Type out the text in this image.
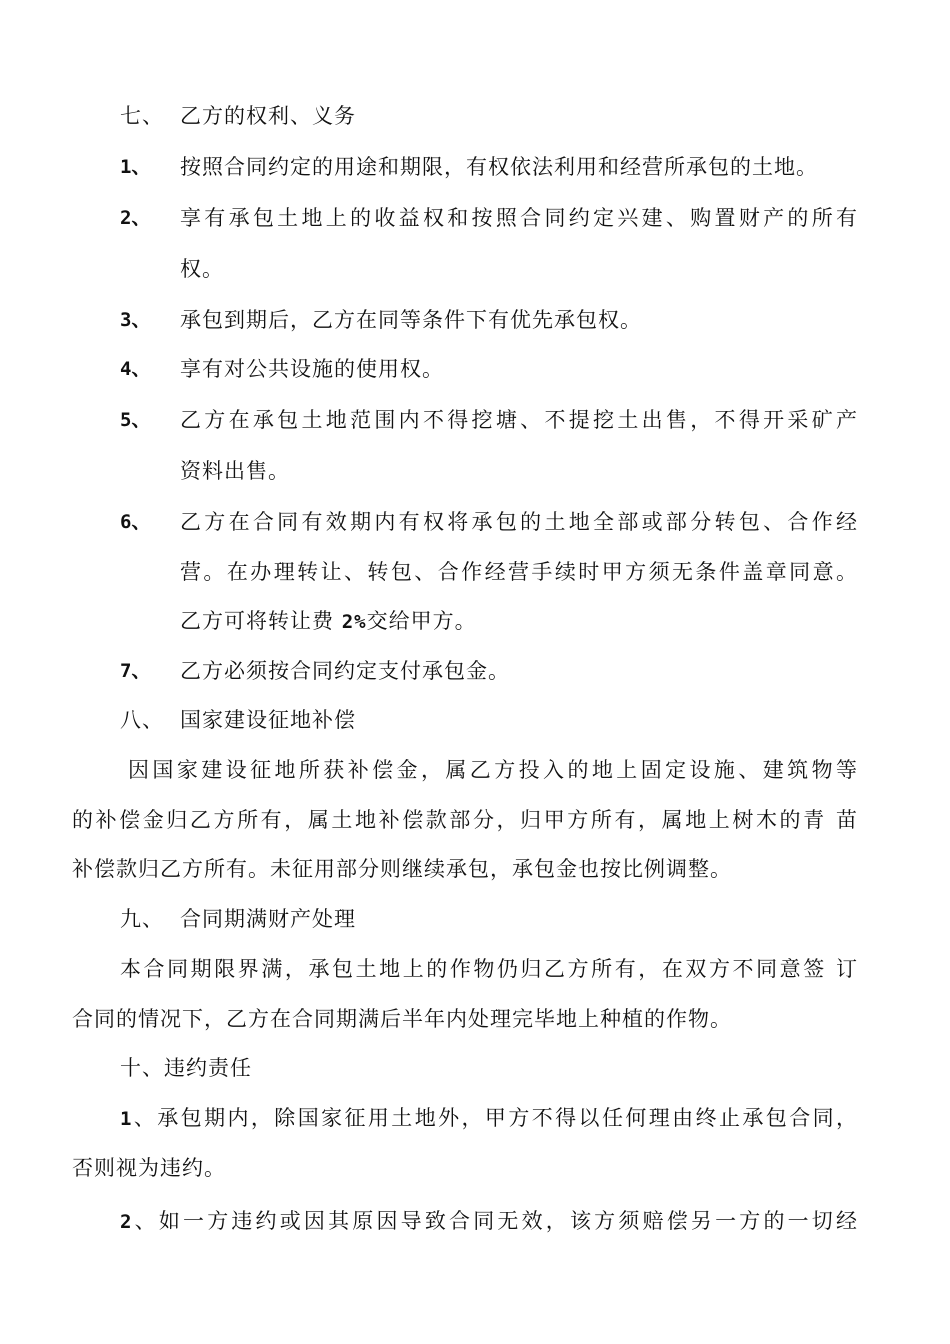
七、 乙方的权利、义务
1、 按照合同约定的用途和期限，有权依法利用和经营所承包的土地。
2、 享有承包土地上的收益权和按照合同约定兴建、购置财产的所有
权。
3、 承包到期后，乙方在同等条件下有优先承包权。
4、 享有对公共设施的使用权。
5、 乙方在承包土地范围内不得挖塘、不提挖土出售，不得开采矿产
资料出售。
6、 乙方在合同有效期内有权将承包的土地全部或部分转包、合作经
营。在办理转让、转包、合作经营手续时甲方须无条件盖章同意。
乙方可将转让费 2%交给甲方。
7、 乙方必须按合同约定支付承包金。
八、 国家建设征地补偿
因国家建设征地所获补偿金，属乙方投入的地上固定设施、建筑物等
的补偿金归乙方所有，属土地补偿款部分，归甲方所有，属地上树木的青 苗
补偿款归乙方所有。未征用部分则继续承包，承包金也按比例调整。
九、 合同期满财产处理
本合同期限界满，承包土地上的作物仍归乙方所有，在双方不同意签 订
合同的情况下，乙方在合同期满后半年内处理完毕地上种植的作物。
十、违约责任
1、承包期内，除国家征用土地外，甲方不得以任何理由终止承包合同，
否则视为违约。
2、如一方违约或因其原因导致合同无效，该方须赔偿另一方的一切经
